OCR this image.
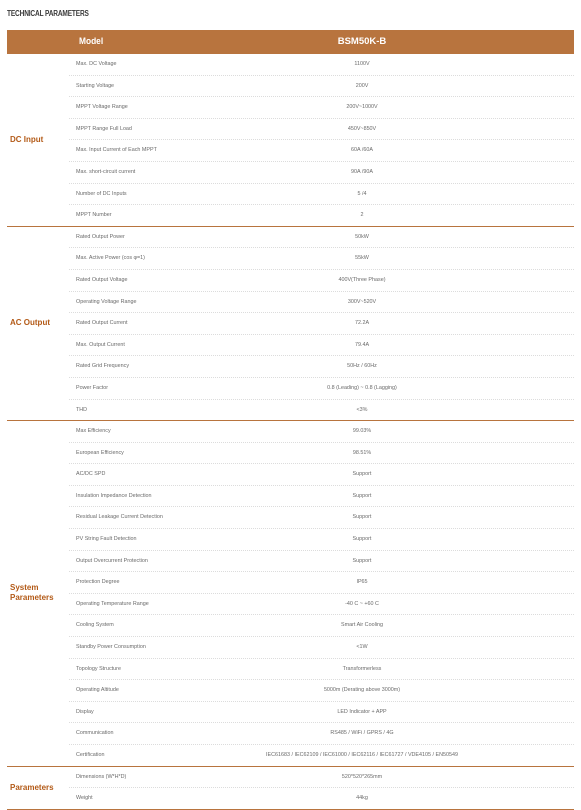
TECHNICAL PARAMETERS
Model	BSM50K-B
DC Input
Max. DC Voltage	1100V
Starting Voltage	200V
MPPT Voltage Range	200V~1000V
MPPT Range Full Load	450V~850V
Max. Input Current of Each MPPT	60A /60A
Max. short-circuit current	90A /90A
Number of DC Inputs	5 /4
MPPT Number	2
AC Output
Rated Output Power	50kW
Max. Active Power (cos φ=1)	55kW
Rated Output Voltage	400V(Three Phase)
Operating Voltage Range	300V~520V
Rated Output Current	72.2A
Max. Output Current	79.4A
Rated Grid Frequency	50Hz / 60Hz
Power Factor	0.8 (Leading) ~ 0.8 (Lagging)
THD	<3%
System Parameters
Max Efficiency	99.03%
European Efficiency	98.51%
AC/DC SPD	Support
Insulation Impedance Detection	Support
Residual Leakage Current Detection	Support
PV String Fault Detection	Support
Output Overcurrent Protection	Support
Protection Degree	IP65
Operating Temperature Range	-40 C ~ +60 C
Cooling System	Smart Air Cooling
Standby Power Consumption	<1W
Topology Structure	Transformerless
Operating Altitude	5000m (Derating above 3000m)
Display	LED Indicator + APP
Communication	RS485 / WiFi / GPRS / 4G
Certification	IEC61683 / IEC62109 / IEC61000 / IEC62116 / IEC61727 / VDE4105 / EN50549
Parameters
Dimensions (W*H*D)	520*520*265mm
Weight	44kg
